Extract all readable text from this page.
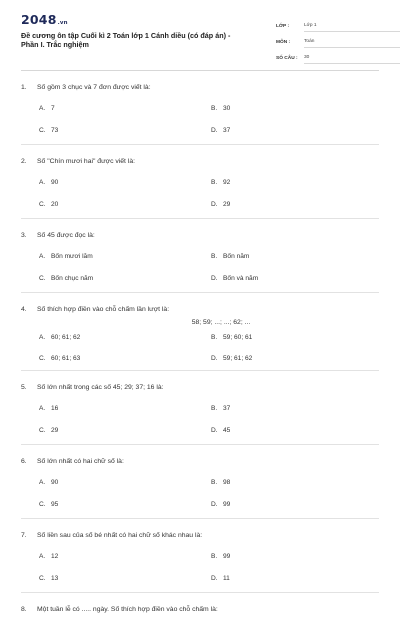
2048.vn
Đề cương ôn tập Cuối kì 2 Toán lớp 1 Cánh diều (có đáp án) - Phần I. Trắc nghiệm
LỚP :	Lớp 1
MÔN :	Toán
SỐ CÂU :	30
1. Số gồm 3 chục và 7 đơn được viết là:
A. 7	B. 30
C. 73	D. 37
2. Số "Chín mươi hai" được viết là:
A. 90	B. 92
C. 20	D. 29
3. Số 45 được đọc là:
A. Bốn mươi lăm	B. Bốn năm
C. Bốn chục năm	D. Bốn và năm
4. Số thích hợp điền vào chỗ chấm lần lượt là:
58; 59; ...; ...; 62; ...
A. 60; 61; 62	B. 59; 60; 61
C. 60; 61; 63	D. 59; 61; 62
5. Số lớn nhất trong các số 45; 29; 37; 16 là:
A. 16	B. 37
C. 29	D. 45
6. Số lớn nhất có hai chữ số là:
A. 90	B. 98
C. 95	D. 99
7. Số liền sau của số bé nhất có hai chữ số khác nhau là:
A. 12	B. 99
C. 13	D. 11
8. Một tuần lễ có ..... ngày. Số thích hợp điền vào chỗ chấm là:
